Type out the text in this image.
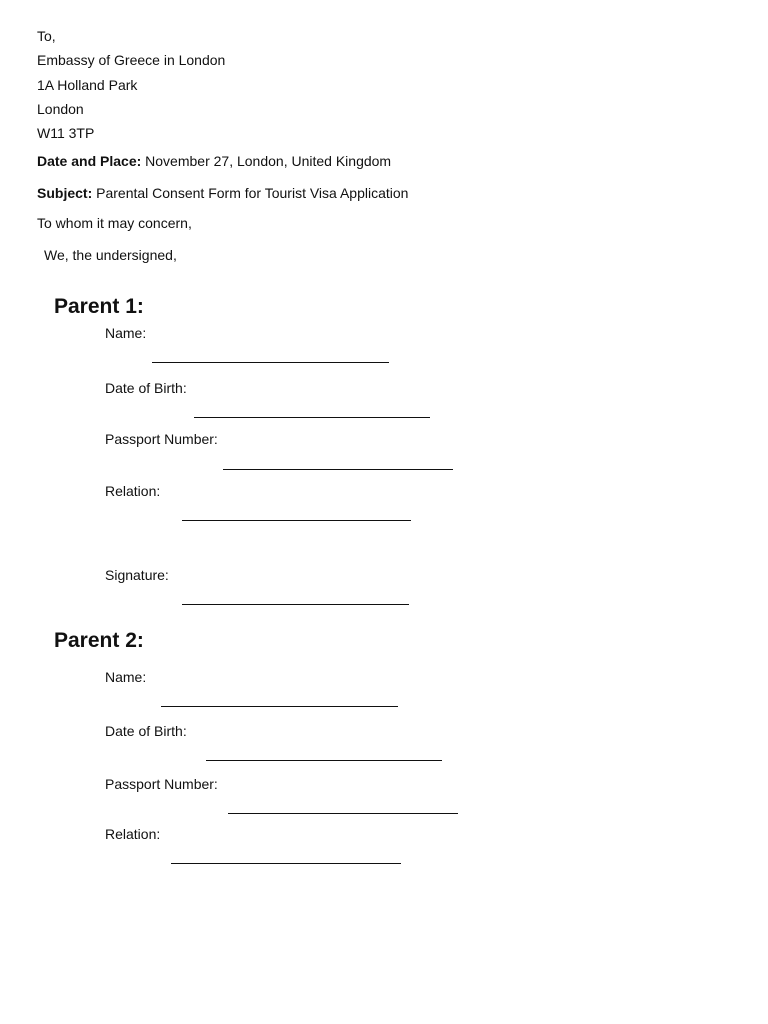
To,
Embassy of Greece in London
1A Holland Park
London
W11 3TP
Date and Place: November 27, London, United Kingdom
Subject: Parental Consent Form for Tourist Visa Application
To whom it may concern,
We, the undersigned,
Parent 1:
Name:
Date of Birth:
Passport Number:
Relation:
Signature:
Parent 2:
Name:
Date of Birth:
Passport Number:
Relation:
